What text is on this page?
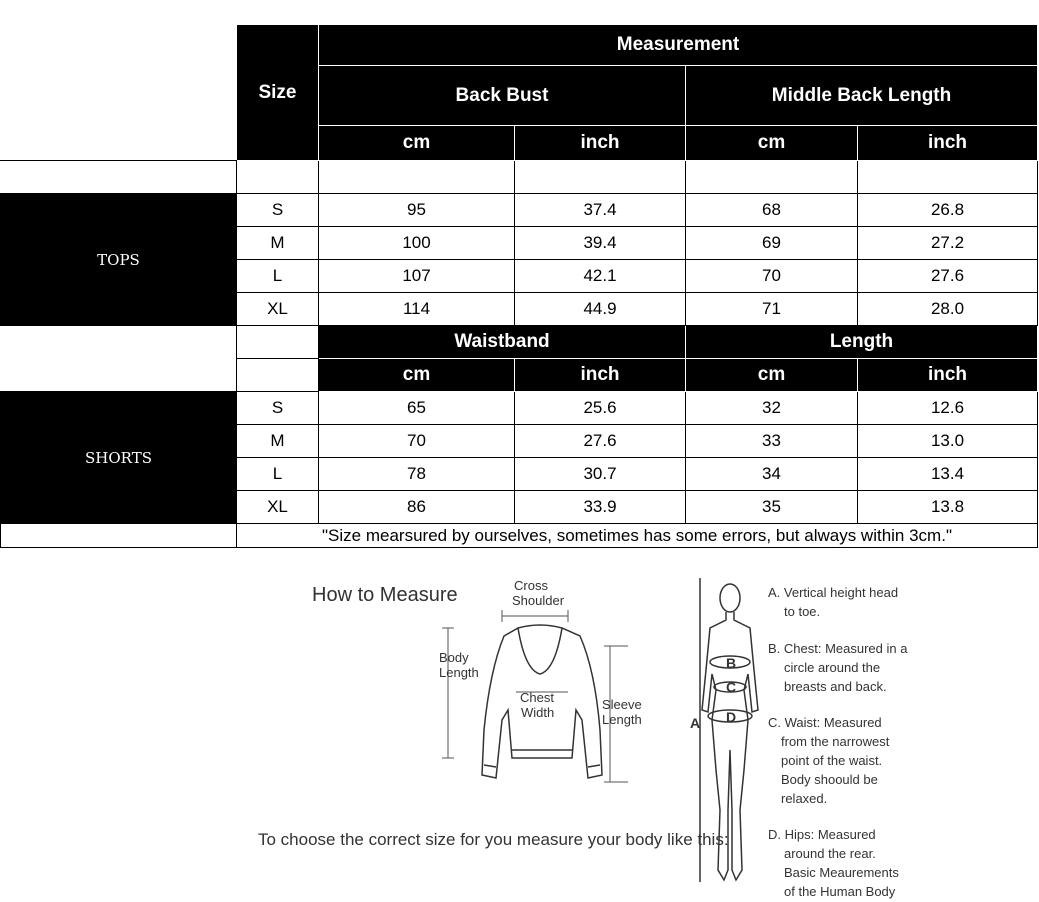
	Size	Measurement			
		Back Bust		Middle Back Length	
		cm	inch	cm	inch

TOPS	S	95	37.4	68	26.8
	M	100	39.4	69	27.2
	L	107	42.1	70	27.6
	XL	114	44.9	71	28.0
		Waistband		Length	
		cm	inch	cm	inch
SHORTS	S	65	25.6	32	12.6
	M	70	27.6	33	13.0
	L	78	30.7	34	13.4
	XL	86	33.9	35	13.8
	"Size mearsured by ourselves, sometimes has some errors, but always within 3cm."				
How to Measure	Cross
Shoulder
Body
Length
Chest
Width
Sleeve
Length
To choose the correct size for you measure your body like this:
B
C
D
A
A. Vertical height head
to toe.
B. Chest: Measured in a
circle around the
breasts and back.
C. Waist: Measured
from the narrowest
point of the waist.
Body shoould be
relaxed.
D. Hips: Measured
around the rear.
Basic Meaurements
of the Human Body
